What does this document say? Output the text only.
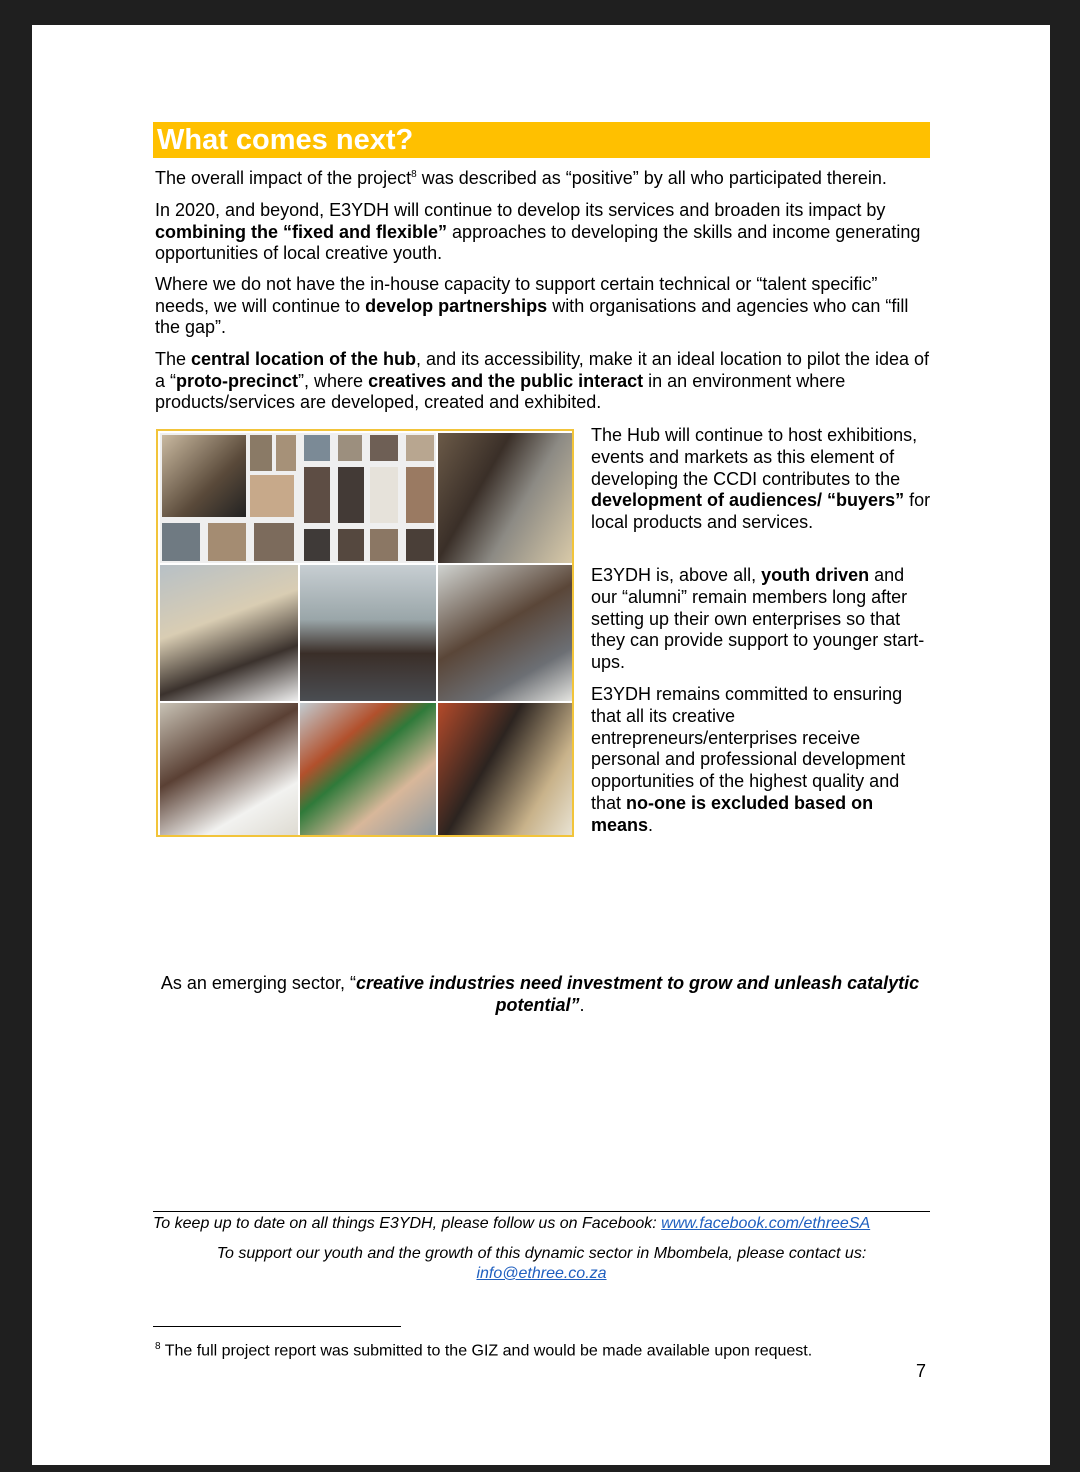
What comes next?

The overall impact of the project$^8$ was described as “positive” by all who participated therein.

In 2020, and beyond, E3YDH will continue to develop its services and broaden its impact by combining the “fixed and flexible” approaches to developing the skills and income generating opportunities of local creative youth.

Where we do not have the in-house capacity to support certain technical or “talent specific” needs, we will continue to develop partnerships with organisations and agencies who can “fill the gap”.

The central location of the hub, and its accessibility, make it an ideal location to pilot the idea of a “proto-precinct”, where creatives and the public interact in an environment where products/services are developed, created and exhibited.

The Hub will continue to host exhibitions, events and markets as this element of developing the CCDI contributes to the development of audiences/ “buyers” for local products and services.

E3YDH is, above all, youth driven and our “alumni” remain members long after setting up their own enterprises so that they can provide support to younger start-ups.

E3YDH remains committed to ensuring that all its creative entrepreneurs/enterprises receive personal and professional development opportunities of the highest quality and that no-one is excluded based on means.

As an emerging sector, “creative industries need investment to grow and unleash catalytic potential”.

To keep up to date on all things E3YDH, please follow us on Facebook: www.facebook.com/ethreeSA

To support our youth and the growth of this dynamic sector in Mbombela, please contact us:
info@ethree.co.za

$^8$ The full project report was submitted to the GIZ and would be made available upon request.

7
